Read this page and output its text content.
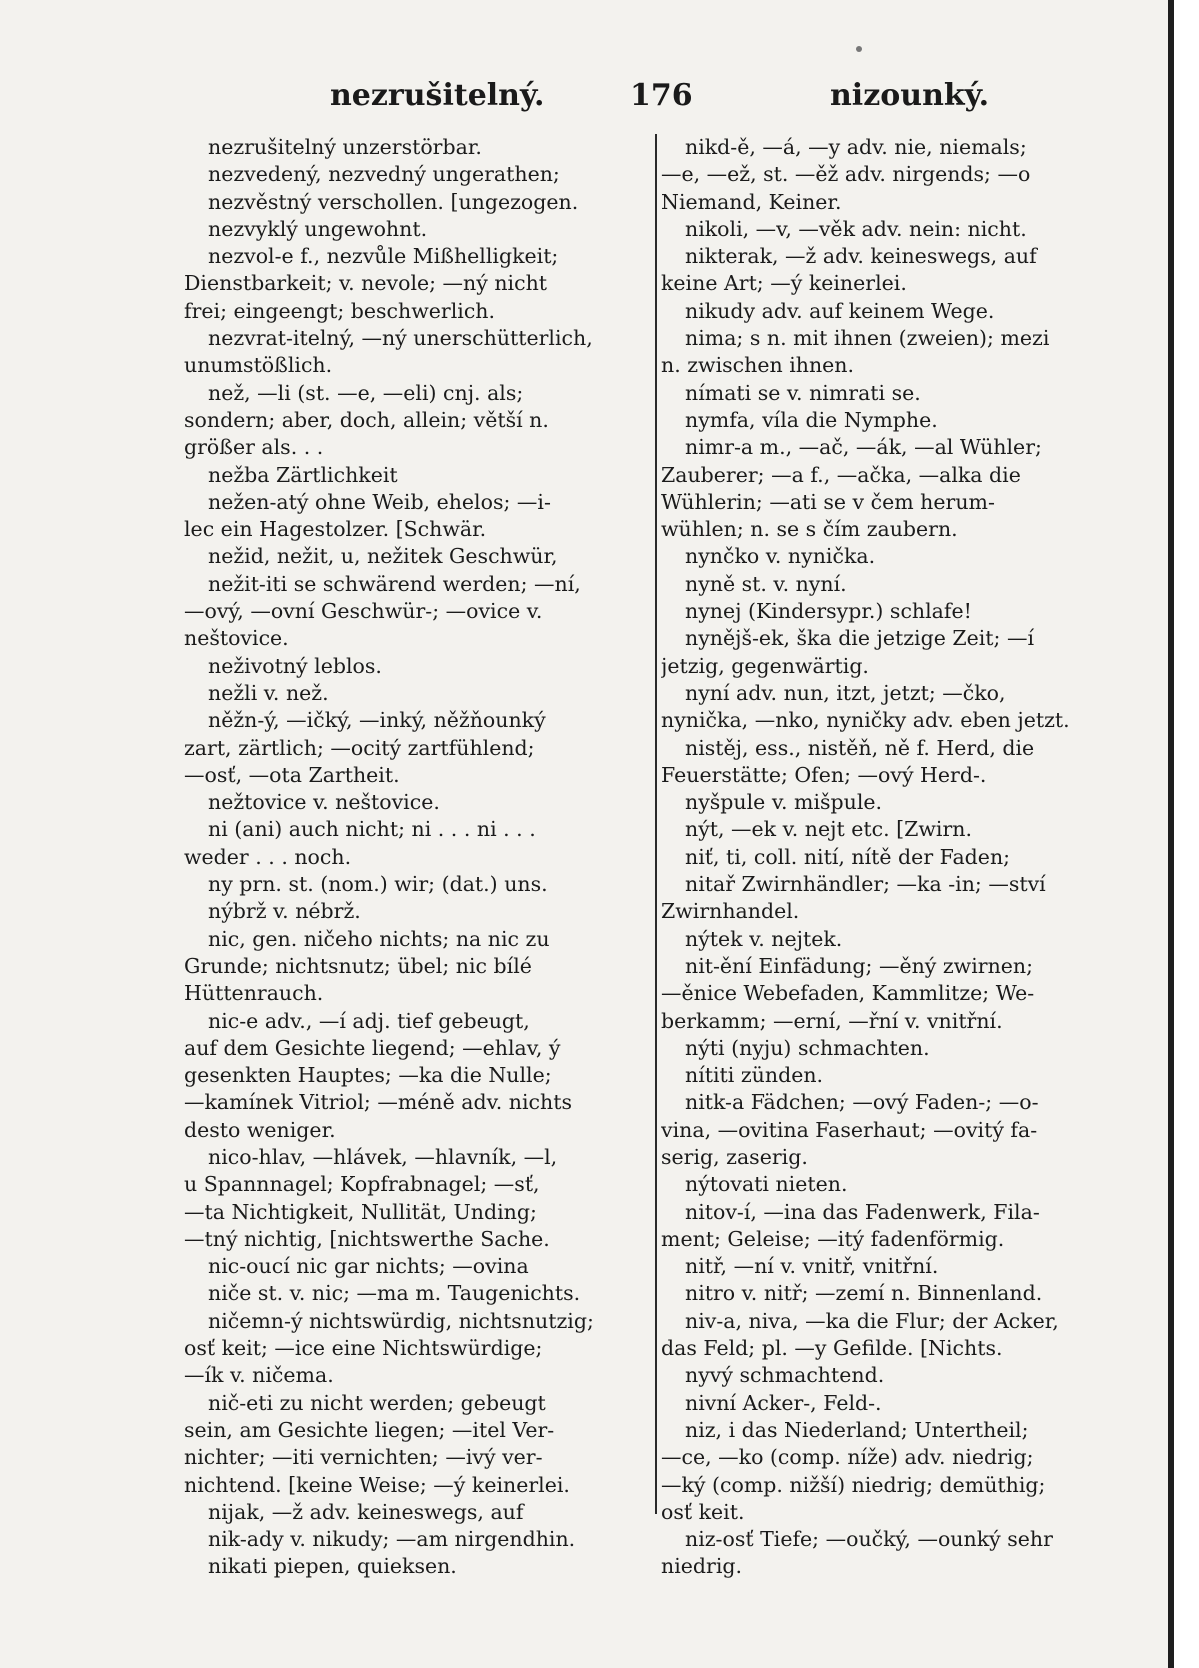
nezrušitelný.	176	nizounký.
nezrušitelný unzerstörbar.
nezvedený, nezvedný ungerathen;
nezvěstný verschollen. [ungezogen.
nezvyklý ungewohnt.
nezvol-e f., nezvůle Mißhelligkeit;
Dienstbarkeit; v. nevole; —ný nicht
frei; eingeengt; beschwerlich.
nezvrat-itelný, —ný unerschütterlich,
unumstößlich.
než, —li (st. —e, —eli) cnj. als;
sondern; aber, doch, allein; větší n.
größer als. . .
nežba Zärtlichkeit
nežen-atý ohne Weib, ehelos; —i-
lec ein Hagestolzer. [Schwär.
nežid, nežit, u, nežitek Geschwür,
nežit-iti se schwärend werden; —ní,
—ový, —ovní Geschwür-; —ovice v.
neštovice.
neživotný leblos.
nežli v. než.
něžn-ý, —ičký, —inký, něžňounký
zart, zärtlich; —ocitý zartfühlend;
—osť, —ota Zartheit.
nežtovice v. neštovice.
ni (ani) auch nicht; ni . . . ni . . .
weder . . . noch.
ny prn. st. (nom.) wir; (dat.) uns.
nýbrž v. nébrž.
nic, gen. ničeho nichts; na nic zu
Grunde; nichtsnutz; übel; nic bílé
Hüttenrauch.
nic-e adv., —í adj. tief gebeugt,
auf dem Gesichte liegend; —ehlav, ý
gesenkten Hauptes; —ka die Nulle;
—kamínek Vitriol; —méně adv. nichts
desto weniger.
nico-hlav, —hlávek, —hlavník, —l,
u Spannnagel; Kopfrabnagel; —sť,
—ta Nichtigkeit, Nullität, Unding;
—tný nichtig, [nichtswerthe Sache.
nic-oucí nic gar nichts; —ovina
niče st. v. nic; —ma m. Taugenichts.
ničemn-ý nichtswürdig, nichtsnutzig;
osť keit; —ice eine Nichtswürdige;
—ík v. ničema.
nič-eti zu nicht werden; gebeugt
sein, am Gesichte liegen; —itel Ver-
nichter; —iti vernichten; —ivý ver-
nichtend. [keine Weise; —ý keinerlei.
nijak, —ž adv. keineswegs, auf
nik-ady v. nikudy; —am nirgendhin.
nikati piepen, quieksen.
nikd-ě, —á, —y adv. nie, niemals;
—e, —ež, st. —ěž adv. nirgends; —o
Niemand, Keiner.
nikoli, —v, —věk adv. nein: nicht.
nikterak, —ž adv. keineswegs, auf
keine Art; —ý keinerlei.
nikudy adv. auf keinem Wege.
nima; s n. mit ihnen (zweien); mezi
n. zwischen ihnen.
nímati se v. nimrati se.
nymfa, víla die Nymphe.
nimr-a m., —ač, —ák, —al Wühler;
Zauberer; —a f., —ačka, —alka die
Wühlerin; —ati se v čem herum-
wühlen; n. se s čím zaubern.
nynčko v. nynička.
nyně st. v. nyní.
nynej (Kindersypr.) schlafe!
nynějš-ek, ška die jetzige Zeit; —í
jetzig, gegenwärtig.
nyní adv. nun, itzt, jetzt; —čko,
nynička, —nko, nyničky adv. eben jetzt.
nistěj, ess., nistěň, ně f. Herd, die
Feuerstätte; Ofen; —ový Herd-.
nyšpule v. mišpule.
nýt, —ek v. nejt etc. [Zwirn.
niť, ti, coll. nití, nítě der Faden;
nitař Zwirnhändler; —ka -in; —ství
Zwirnhandel.
nýtek v. nejtek.
nit-ění Einfädung; —ěný zwirnen;
—ěnice Webefaden, Kammlitze; We-
berkamm; —erní, —řní v. vnitřní.
nýti (nyju) schmachten.
nítiti zünden.
nitk-a Fädchen; —ový Faden-; —o-
vina, —ovitina Faserhaut; —ovitý fa-
serig, zaserig.
nýtovati nieten.
nitov-í, —ina das Fadenwerk, Fila-
ment; Geleise; —itý fadenförmig.
nitř, —ní v. vnitř, vnitřní.
nitro v. nitř; —zemí n. Binnenland.
niv-a, niva, —ka die Flur; der Acker,
das Feld; pl. —y Gefilde. [Nichts.
nyvý schmachtend.
nivní Acker-, Feld-.
niz, i das Niederland; Untertheil;
—ce, —ko (comp. níže) adv. niedrig;
—ký (comp. nižší) niedrig; demüthig;
osť keit.
niz-osť Tiefe; —oučký, —ounký sehr
niedrig.
